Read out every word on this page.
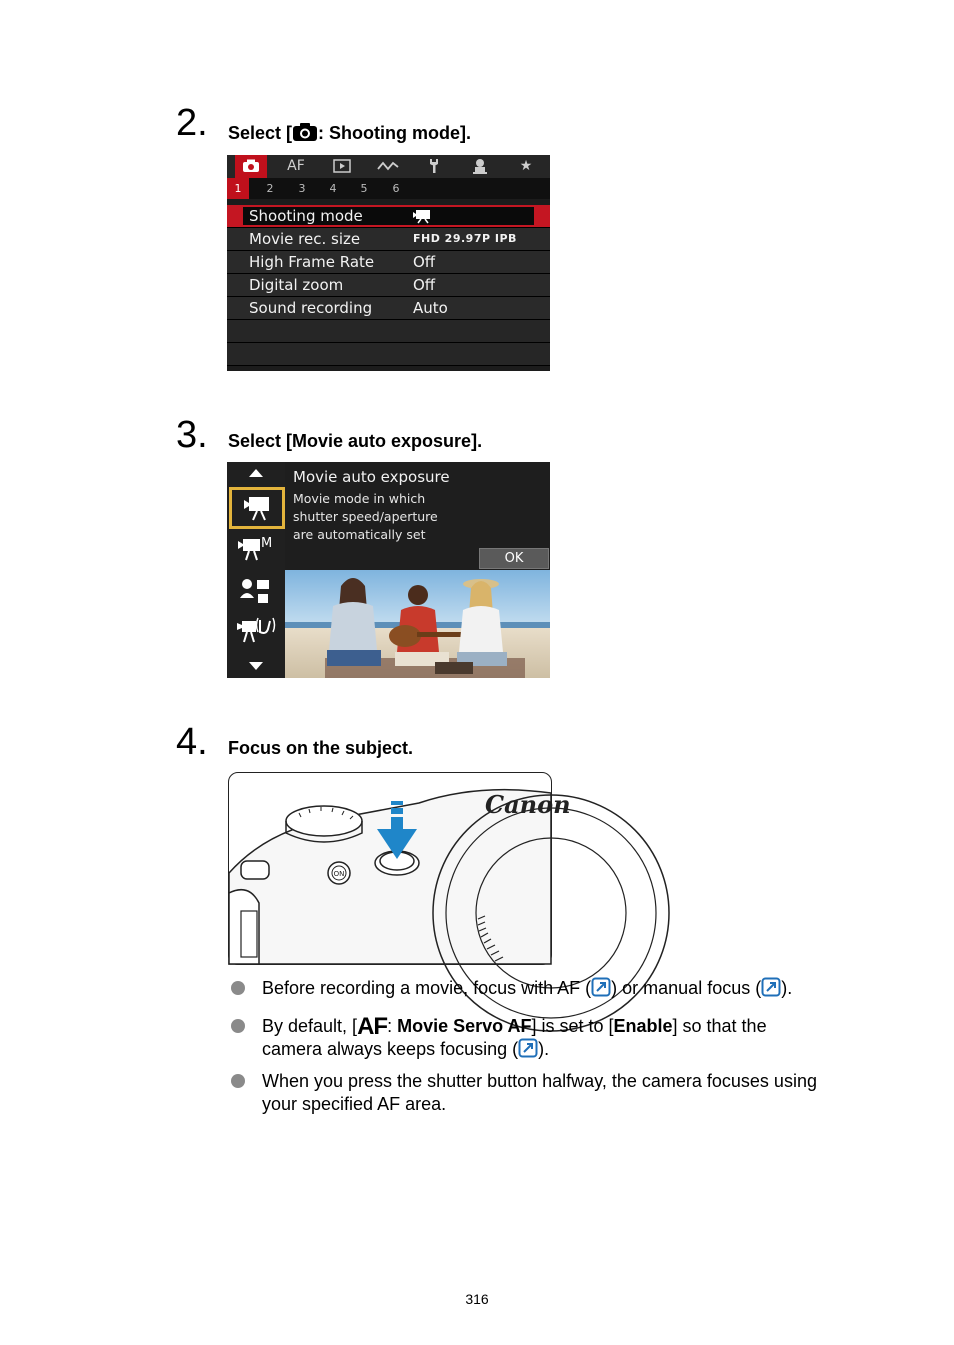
2. Select [ : Shooting mode].
AF	★
1	2	3	4	5	6
Shooting mode
Movie rec. size	FHD 29.97P IPB
High Frame Rate	Off
Digital zoom	Off
Sound recording	Auto
3. Select [Movie auto exposure].
M
Movie auto exposure
Movie mode in which
shutter speed/aperture
are automatically set
OK
4. Focus on the subject.
ON
Canon
Before recording a movie, focus with AF ( ) or manual focus ( ).
By default, [AF: Movie Servo AF] is set to [Enable] so that the
camera always keeps focusing ( ).
When you press the shutter button halfway, the camera focuses using
your specified AF area.
316
